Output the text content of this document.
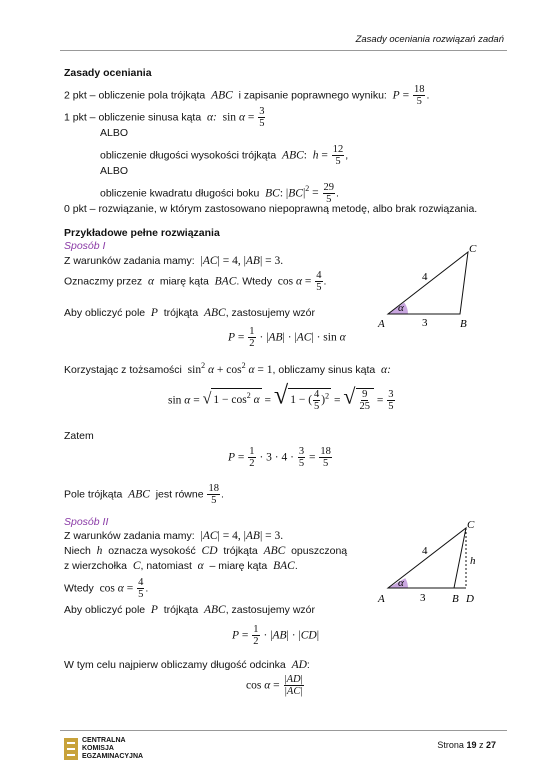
Zasady oceniania rozwiązań zadań
Zasady oceniania
2 pkt – obliczenie pola trójkąta  ABC  i zapisanie poprawnego wyniku:  $P = \frac{18}{5}$ .
1 pkt – obliczenie sinusa kąta  α:  $\sin \alpha = \frac{3}{5}$
ALBO
obliczenie długości wysokości trójkąta  ABC:  $h = \frac{12}{5}$ ,
ALBO
obliczenie kwadratu długości boku  BC: $|BC|^2 = \frac{29}{5}$ .
0 pkt – rozwiązanie, w którym zastosowano niepoprawną metodę, albo brak rozwiązania.
Przykładowe pełne rozwiązania
Sposób I
Z warunków zadania mamy:  |AC| = 4, |AB| = 3.
Oznaczmy przez  α  miarę kąta  BAC. Wtedy  $\cos \alpha = \frac{4}{5}$ .
Aby obliczyć pole  P  trójkąta  ABC, zastosujemy wzór
$P = \frac{1}{2} \cdot |AB| \cdot |AC| \cdot \sin \alpha$
Korzystając z tożsamości  $\sin^2 \alpha + \cos^2 \alpha = 1$, obliczamy sinus kąta  α:
sin α = √ $1 - \cos^2 \alpha$ = √ 1 − ( $\frac{4}{5} )^2$ = √ $\frac{9}{25} = \frac{3}{5}$
Zatem
$P = \frac{1}{2} \cdot 3 \cdot 4 \cdot \frac{3}{5} = \frac{18}{5}$
Pole trójkąta  ABC  jest równe $\frac{18}{5}$ .
α
A	B
C
4
3
Sposób II
Z warunków zadania mamy:  |AC| = 4, |AB| = 3.
Niech  h  oznacza wysokość  CD  trójkąta  ABC  opuszczoną
z wierzchołka  C, natomiast  α  – miarę kąta  BAC.
Wtedy  $\cos \alpha = \frac{4}{5}$ .
Aby obliczyć pole  P  trójkąta  ABC, zastosujemy wzór
$P = \frac{1}{2} \cdot |AB| \cdot |CD|$
W tym celu najpierw obliczamy długość odcinka  AD:
$\cos \alpha = \frac{|AD|}{|AC|}$
α
A	B D
C
h
4
3
CENTRALNA
KOMISJA
EGZAMINACYJNA
Strona 19 z 27
